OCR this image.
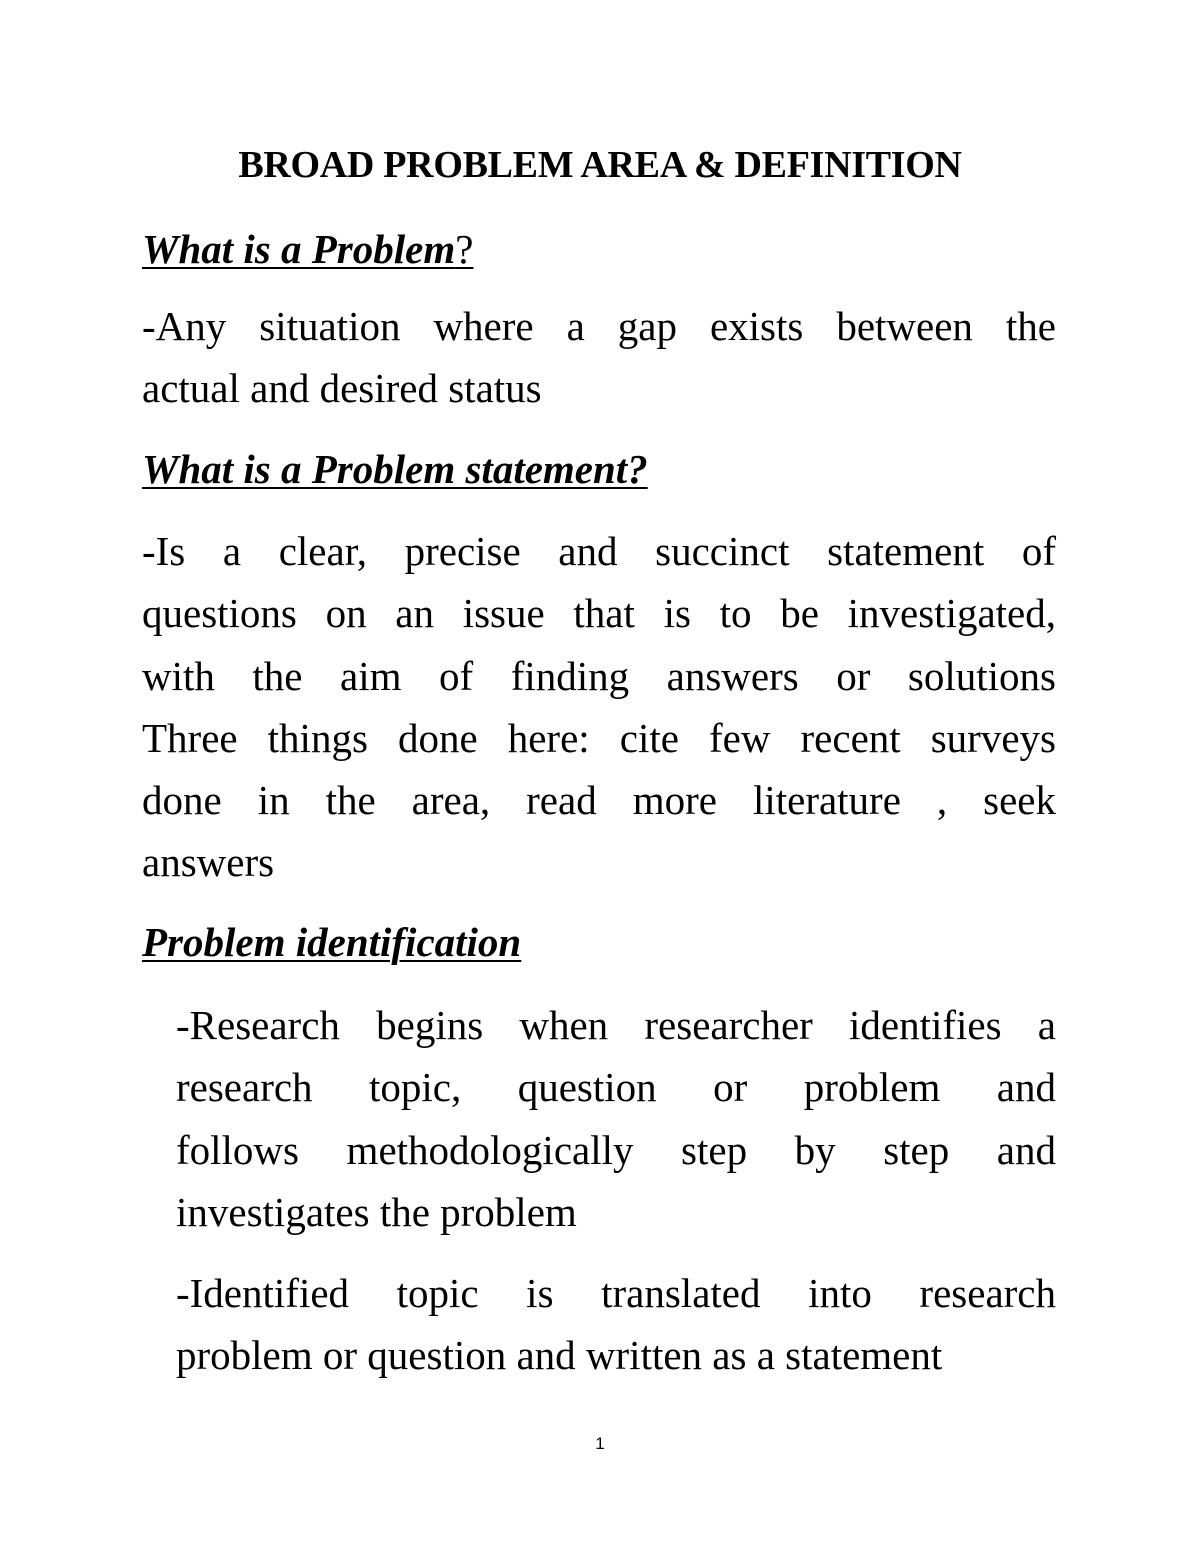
BROAD PROBLEM AREA & DEFINITION
What is a Problem?
-Any situation where a gap exists between the
actual and desired status
What is a Problem statement?
-Is a clear, precise and succinct statement of
questions on an issue that is to be investigated,
with the aim of finding answers or solutions
Three things done here: cite few recent surveys
done in the area, read more literature , seek
answers
Problem identification
-Research begins when researcher identifies a
research topic, question or problem and
follows methodologically step by step and
investigates the problem
-Identified topic is translated into research
problem or question and written as a statement
1
